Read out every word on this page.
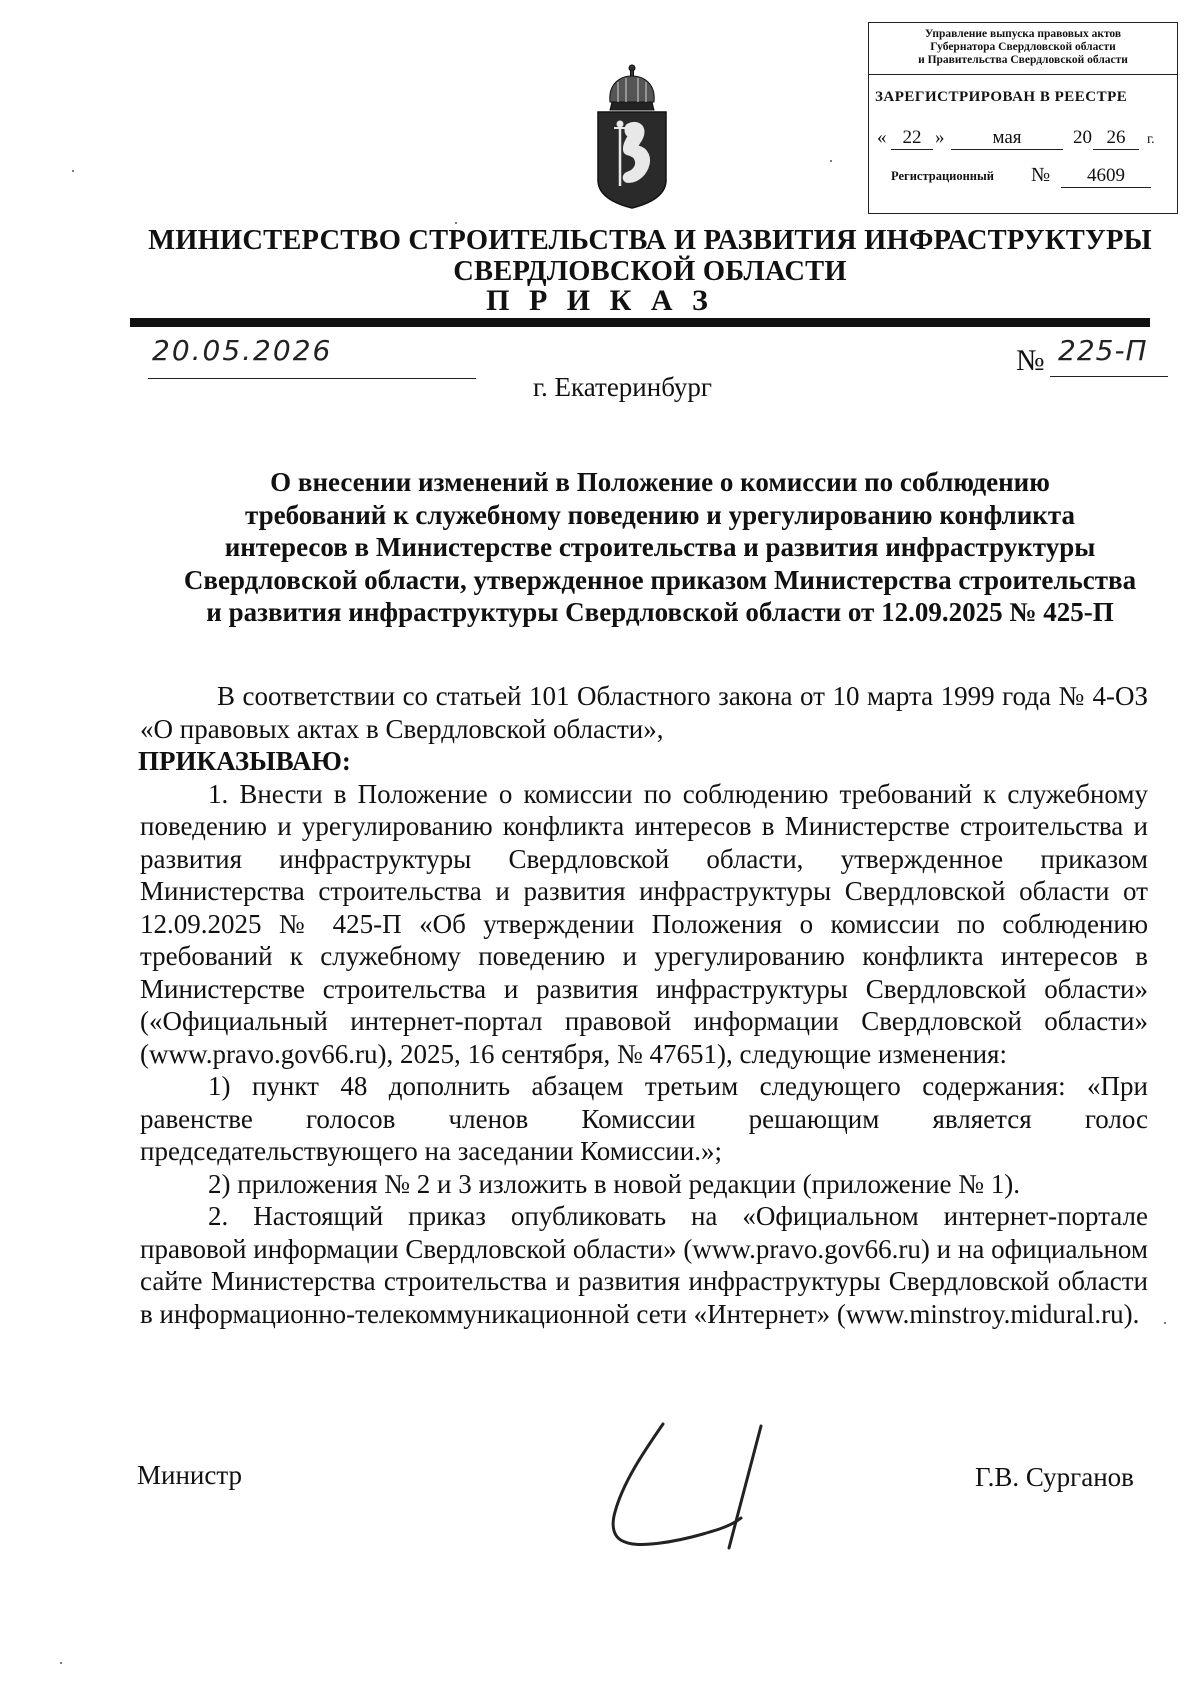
Управление выпуска правовых актов
Губернатора Свердловской области
и Правительства Свердловской области
ЗАРЕГИСТРИРОВАН В РЕЕСТРЕ
« 22 »	мая	20 26	г.
Регистрационный №	4609
МИНИСТЕРСТВО СТРОИТЕЛЬСТВА И РАЗВИТИЯ ИНФРАСТРУКТУРЫ
СВЕРДЛОВСКОЙ ОБЛАСТИ
П Р И К А З
20.05.2026	№ 225-П
г. Екатеринбург
О внесении изменений в Положение о комиссии по соблюдению
требований к служебному поведению и урегулированию конфликта
интересов в Министерстве строительства и развития инфраструктуры
Свердловской области, утвержденное приказом Министерства строительства
и развития инфраструктуры Свердловской области от 12.09.2025 № 425-П

В соответствии со статьей 101 Областного закона от 10 марта 1999 года № 4-ОЗ «О правовых актах в Свердловской области»,

ПРИКАЗЫВАЮ:

1. Внести в Положение о комиссии по соблюдению требований к служебному поведению и урегулированию конфликта интересов в Министерстве строительства и развития инфраструктуры Свердловской области, утвержденное приказом Министерства строительства и развития инфраструктуры Свердловской области от 12.09.2025 № 425-П «Об утверждении Положения о комиссии по соблюдению требований к служебному поведению и урегулированию конфликта интересов в Министерстве строительства и развития инфраструктуры Свердловской области» («Официальный интернет-портал правовой информации Свердловской области» (www.pravo.gov66.ru), 2025, 16 сентября, № 47651), следующие изменения:

1) пункт 48 дополнить абзацем третьим следующего содержания: «При равенстве голосов членов Комиссии решающим является голос председательствующего на заседании Комиссии.»;

2) приложения № 2 и 3 изложить в новой редакции (приложение № 1).

2. Настоящий приказ опубликовать на «Официальном интернет-портале правовой информации Свердловской области» (www.pravo.gov66.ru) и на официальном сайте Министерства строительства и развития инфраструктуры Свердловской области в информационно-телекоммуникационной сети «Интернет» (www.minstroy.midural.ru).

Министр	Г.В. Сурганов
